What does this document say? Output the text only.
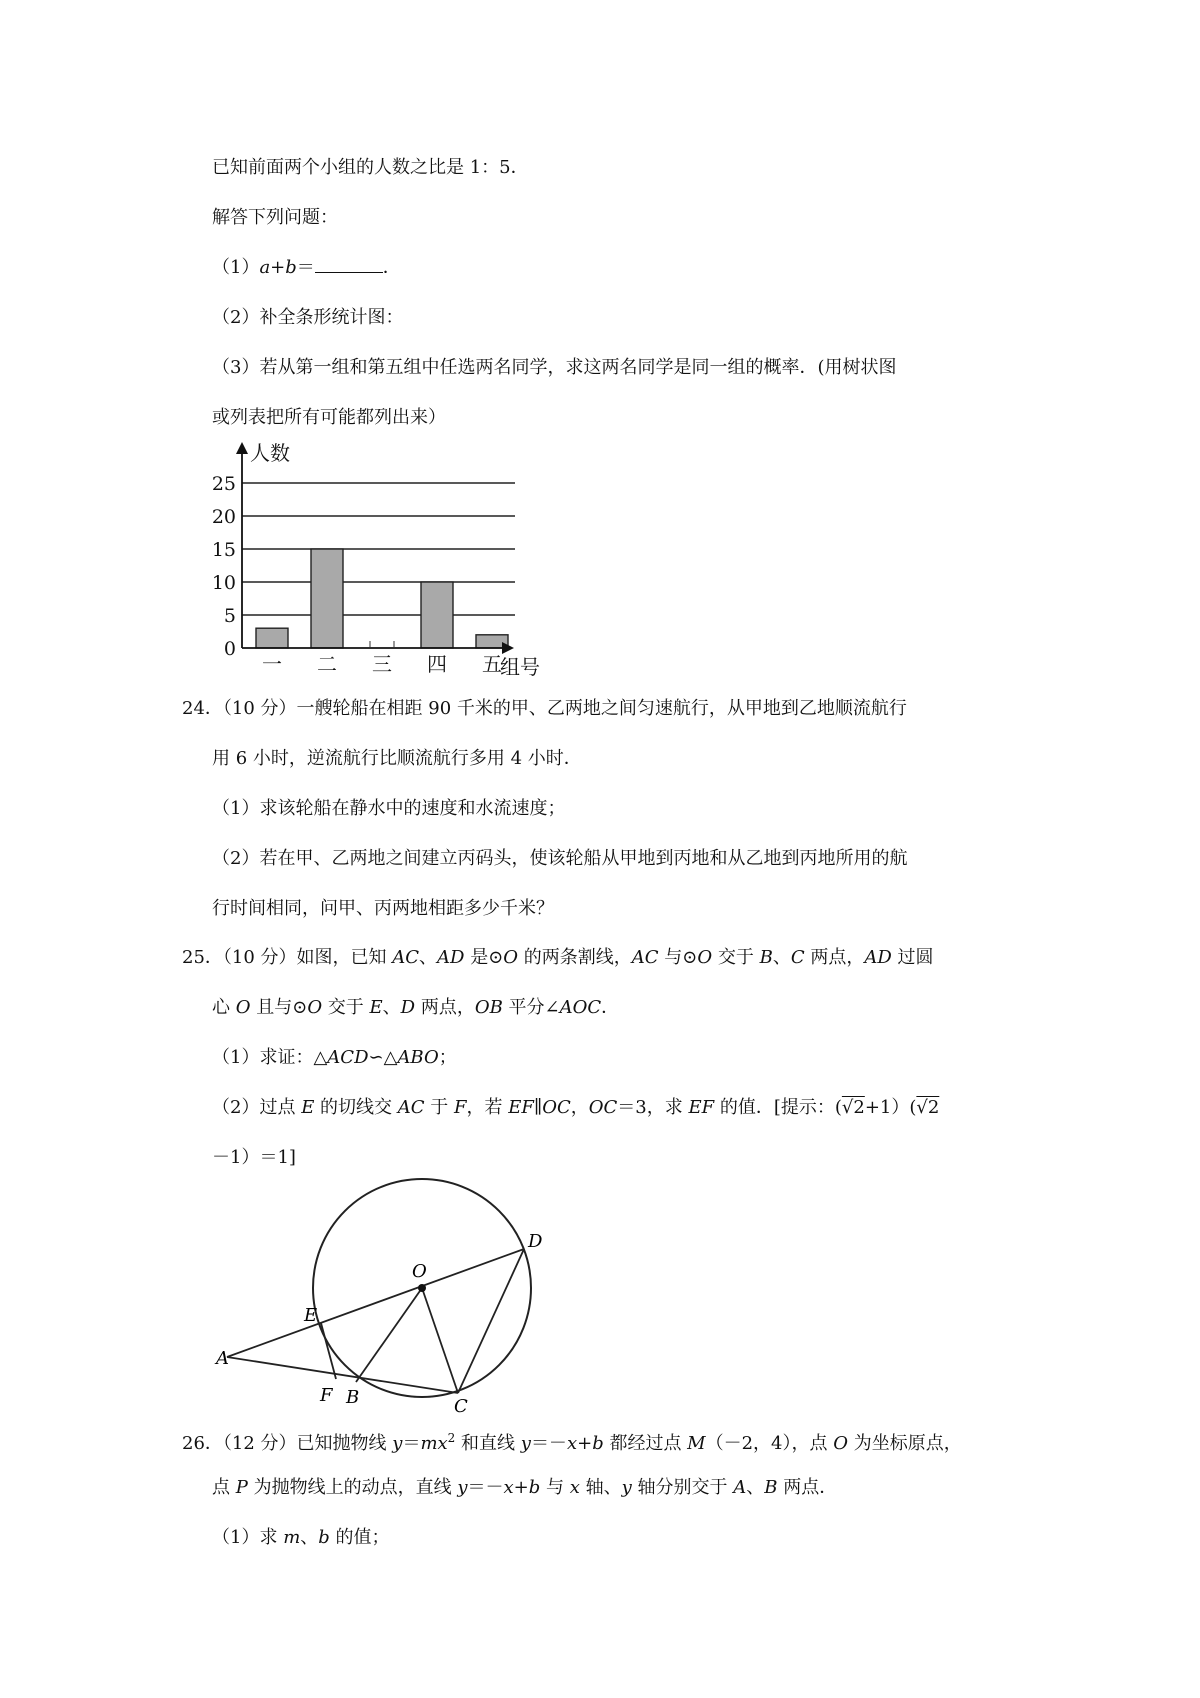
已知前面两个小组的人数之比是 1：5．
解答下列问题：
（1）a+b＝	．
（2）补全条形统计图：
（3）若从第一组和第五组中任选两名同学，求这两名同学是同一组的概率．(用树状图
或列表把所有可能都列出来）
0
5
10
15
20
25
一 二 三 四 五
人数
组号
24．（10 分）一艘轮船在相距 90 千米的甲、乙两地之间匀速航行，从甲地到乙地顺流航行
用 6 小时，逆流航行比顺流航行多用 4 小时．
（1）求该轮船在静水中的速度和水流速度；
（2）若在甲、乙两地之间建立丙码头，使该轮船从甲地到丙地和从乙地到丙地所用的航
行时间相同，问甲、丙两地相距多少千米？
25．（10 分）如图，已知 AC、AD 是⊙O 的两条割线，AC 与⊙O 交于 B、C 两点，AD 过圆
心 O 且与⊙O 交于 E、D 两点，OB 平分∠AOC．
（1）求证：△ACD∽△ABO；
（2）过点 E 的切线交 AC 于 F，若 EF∥OC，OC＝3，求 EF 的值．[提示：(√2+1）(√2
－1）＝1]
A
E
O
D
F B	C
26．（12 分）已知抛物线 $y=mx^2$ 和直线 y＝－x+b 都经过点 M（－2，4），点 O 为坐标原点，
点 P 为抛物线上的动点，直线 y＝－x+b 与 x 轴、y 轴分别交于 A、B 两点．
（1）求 m、b 的值；
